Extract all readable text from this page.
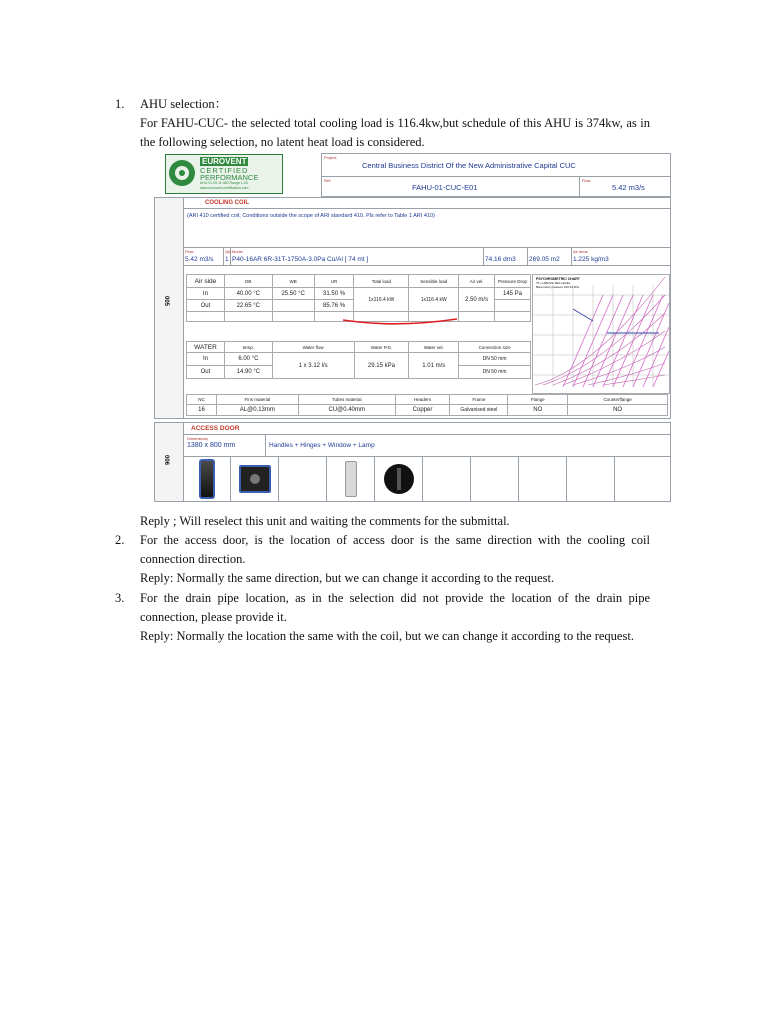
1. AHU selection：
For FAHU-CUC- the selected total cooling load is 116.4kw,but schedule of this AHU is 374kw, as in the following selection, no latent heat load is considered.
EUROVENT
CERTIFIED
PERFORMANCE
AHU 01.09.11.460 Range 1-03
www.eurovent-certification.com
Project
Central Business District Of the New Administrative Capital CUC
Ref.
FAHU-01-CUC-E01
Flow
5.42 m3/s
005
COOLING COIL
(ARI 410 certified coil; Conditions outside the scope of ARI standard 410. Pls refer to Table 1 ARI 410)
Flow
5.42 m3/s
Qty
1
Model
P40-16AR 6R-31T-1750A-3.0Pa Cu/Al [ 74 mt ]	74.16 dm3 269.05 m2
Air dens.
1.225 kg/m3
Air side	DB	WB	UR	Total load	Sensible load	Air vel.	Pressure Drop
In	40.00 °C	25.50 °C	31.50 %	1x116.4 kW	1x116.4 kW	2.50 m/s	145 Pa
Out	22.65 °C		85.76 %				

WATER	temp.	Water flow	Water P.D.	Water vel.	Connection size
In	6.00 °C	1 x 3.12 l/s	29.15 kPa	1.01 m/s	DN 50 mm
Out	14.90 °C				DN 50 mm
PSYCHROMETRIC CHART
75 m ABOVE SEA LEVEL
Barometric pressure 100.44 kPa
NC	Fins material	Tubes material	Headers	Frame	Flange	Counterflange
16	AL@0.13mm	CU@0.40mm	Copper	Galvanised steel	NO	NO
006
ACCESS DOOR
Dimensions
1380 x 800 mm	Handles + Hinges + Window + Lamp
Reply ; Will reselect this unit and waiting the comments for the submittal.
2. For the access door, is the location of access door is the same direction with the cooling coil connection direction.
Reply: Normally the same direction, but we can change it according to the request.
3. For the drain pipe location, as in the selection did not provide the location of the drain pipe connection, please provide it.
Reply: Normally the location the same with the coil, but we can change it according to the request.
